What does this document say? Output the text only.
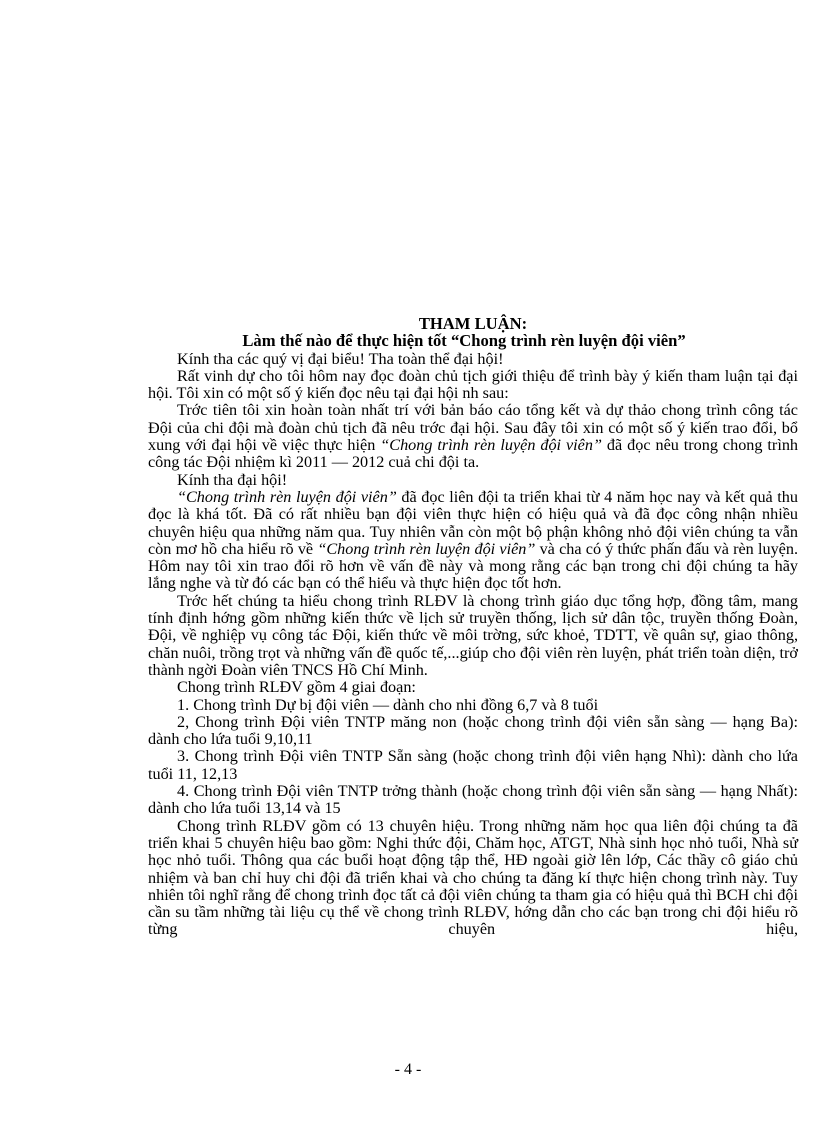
THAM LUẬN:
Làm thế nào để thực hiện tốt “Chong trình rèn luyện đội viên”

Kính tha các quý vị đại biểu! Tha toàn thể đại hội!

Rất vinh dự cho tôi hôm nay đọc đoàn chủ tịch giới thiệu để trình bày ý kiến tham luận tại đại hội. Tôi xin có một số ý kiến đọc nêu tại đại hội nh sau:

Trớc tiên tôi xin hoàn toàn nhất trí với bản báo cáo tổng kết và dự thảo chong trình công tác Đội của chi đội mà đoàn chủ tịch đã nêu trớc đại hội. Sau đây tôi xin có một số ý kiến trao đổi, bổ xung với đại hội về việc thực hiện “Chong trình rèn luyện đội viên” đã đọc nêu trong chong trình công tác Đội nhiệm kì 2011 — 2012 cuả chi đội ta.

Kính tha đại hội!

“Chong trình rèn luyện đội viên” đã đọc liên đội ta triển khai từ 4 năm học nay và kết quả thu đọc là khá tốt. Đã có rất nhiều bạn đội viên thực hiện có hiệu quả và đã đọc công nhận nhiều chuyên hiệu qua những năm qua. Tuy nhiên vẫn còn một bộ phận không nhỏ đội viên chúng ta vẫn còn mơ hồ cha hiểu rõ về “Chong trình rèn luyện đội viên” và cha có ý thức phấn đấu và rèn luyện. Hôm nay tôi xin trao đổi rõ hơn về vấn đề này và mong rằng các bạn trong chi đội chúng ta hãy lắng nghe và từ đó các bạn có thể hiểu và thực hiện đọc tốt hơn.

Trớc hết chúng ta hiểu chong trình RLĐV là chong trình giáo dục tổng hợp, đồng tâm, mang tính định hớng gồm những kiến thức về lịch sử truyền thống, lịch sử dân tộc, truyền thống Đoàn, Đội, về nghiệp vụ công tác Đội, kiến thức về môi trờng, sức khoẻ, TDTT, về quân sự, giao thông, chăn nuôi, trồng trọt và những vấn đề quốc tế,...giúp cho đội viên rèn luyện, phát triển toàn diện, trở thành ngời Đoàn viên TNCS Hồ Chí Minh.

Chong trình RLĐV gồm 4 giai đoạn:

1. Chong trình Dự bị đội viên — dành cho nhi đồng 6,7 và 8 tuổi

2, Chong trình Đội viên TNTP măng non (hoặc chong trình đội viên sẵn sàng — hạng Ba): dành cho lứa tuổi 9,10,11

3. Chong trình Đội viên TNTP Sẵn sàng (hoặc chong trình đội viên hạng Nhì): dành cho lứa tuổi 11, 12,13

4. Chong trình Đội viên TNTP trởng thành (hoặc chong trình đội viên sẵn sàng — hạng Nhất): dành cho lứa tuổi 13,14 và 15

Chong trình RLĐV gồm có 13 chuyên hiệu. Trong những năm học qua liên đội chúng ta đã triển khai 5 chuyên hiệu bao gồm: Nghi thức đội, Chăm học, ATGT, Nhà sinh học nhỏ tuổi, Nhà sử học nhỏ tuổi. Thông qua các buổi hoạt động tập thể, HĐ ngoài giờ lên lớp, Các thầy cô giáo chủ nhiệm và ban chỉ huy chi đội đã triển khai và cho chúng ta đăng kí thực hiện chong trình này. Tuy nhiên tôi nghĩ rằng để chong trình đọc tất cả đội viên chúng ta tham gia có hiệu quả thì BCH chi đội cần su tầm những tài liệu cụ thể về chong trình RLĐV, hớng dẫn cho các bạn trong chi đội hiểu rõ từng chuyên hiệu,

- 4 -
